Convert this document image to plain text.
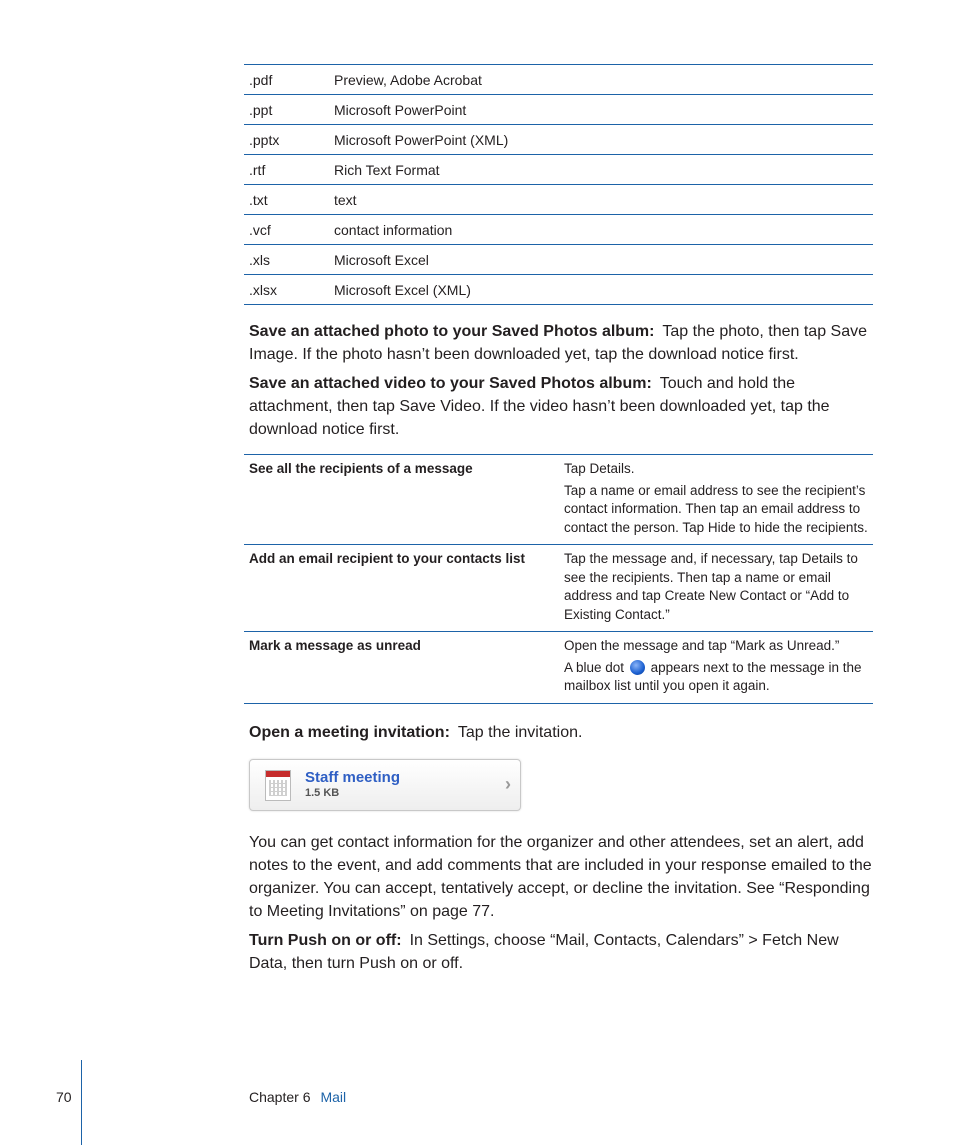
.pdf	Preview, Adobe Acrobat
.ppt	Microsoft PowerPoint
.pptx	Microsoft PowerPoint (XML)
.rtf	Rich Text Format
.txt	text
.vcf	contact information
.xls	Microsoft Excel
.xlsx	Microsoft Excel (XML)

Save an attached photo to your Saved Photos album: Tap the photo, then tap Save Image. If the photo hasn’t been downloaded yet, tap the download notice first.

Save an attached video to your Saved Photos album: Touch and hold the attachment, then tap Save Video. If the video hasn’t been downloaded yet, tap the download notice first.

See all the recipients of a message	Tap Details.

Tap a name or email address to see the recipient’s contact information. Then tap an email address to contact the person. Tap Hide to hide the recipients.

Add an email recipient to your contacts list	Tap the message and, if necessary, tap Details to see the recipients. Then tap a name or email address and tap Create New Contact or “Add to Existing Contact.”

Mark a message as unread	Open the message and tap “Mark as Unread.”

A blue dot appears next to the message in the mailbox list until you open it again.

Open a meeting invitation: Tap the invitation.

Staff meeting
1.5 KB	›

You can get contact information for the organizer and other attendees, set an alert, add notes to the event, and add comments that are included in your response emailed to the organizer. You can accept, tentatively accept, or decline the invitation. See “Responding to Meeting Invitations” on page 77.

Turn Push on or off: In Settings, choose “Mail, Contacts, Calendars” > Fetch New Data, then turn Push on or off.

70	Chapter 6 Mail
